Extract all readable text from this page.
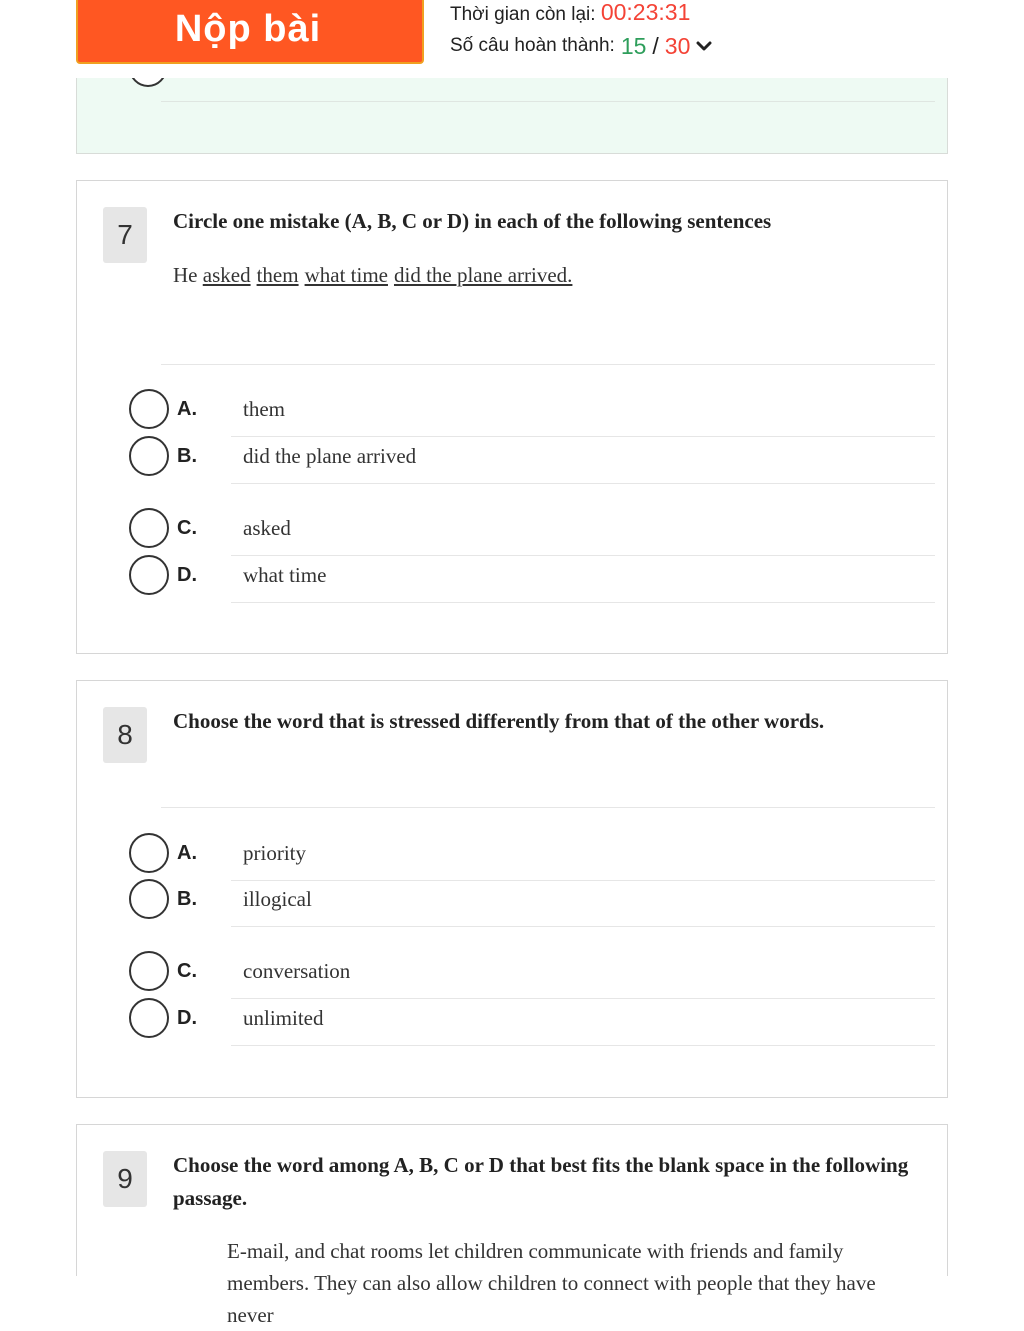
Nộp bài	Thời gian còn lại: 00:23:31
Số câu hoàn thành: 15 / 30
7	Circle one mistake (A, B, C or D) in each of the following sentences
He asked them what time did the plane arrived.
A. them
B. did the plane arrived
C. asked
D. what time
8	Choose the word that is stressed differently from that of the other words.
A. priority
B. illogical
C. conversation
D. unlimited
9	Choose the word among A, B, C or D that best fits the blank space in the following passage.
E-mail, and chat rooms let children communicate with friends and family members. They can also allow children to connect with people that they have never
